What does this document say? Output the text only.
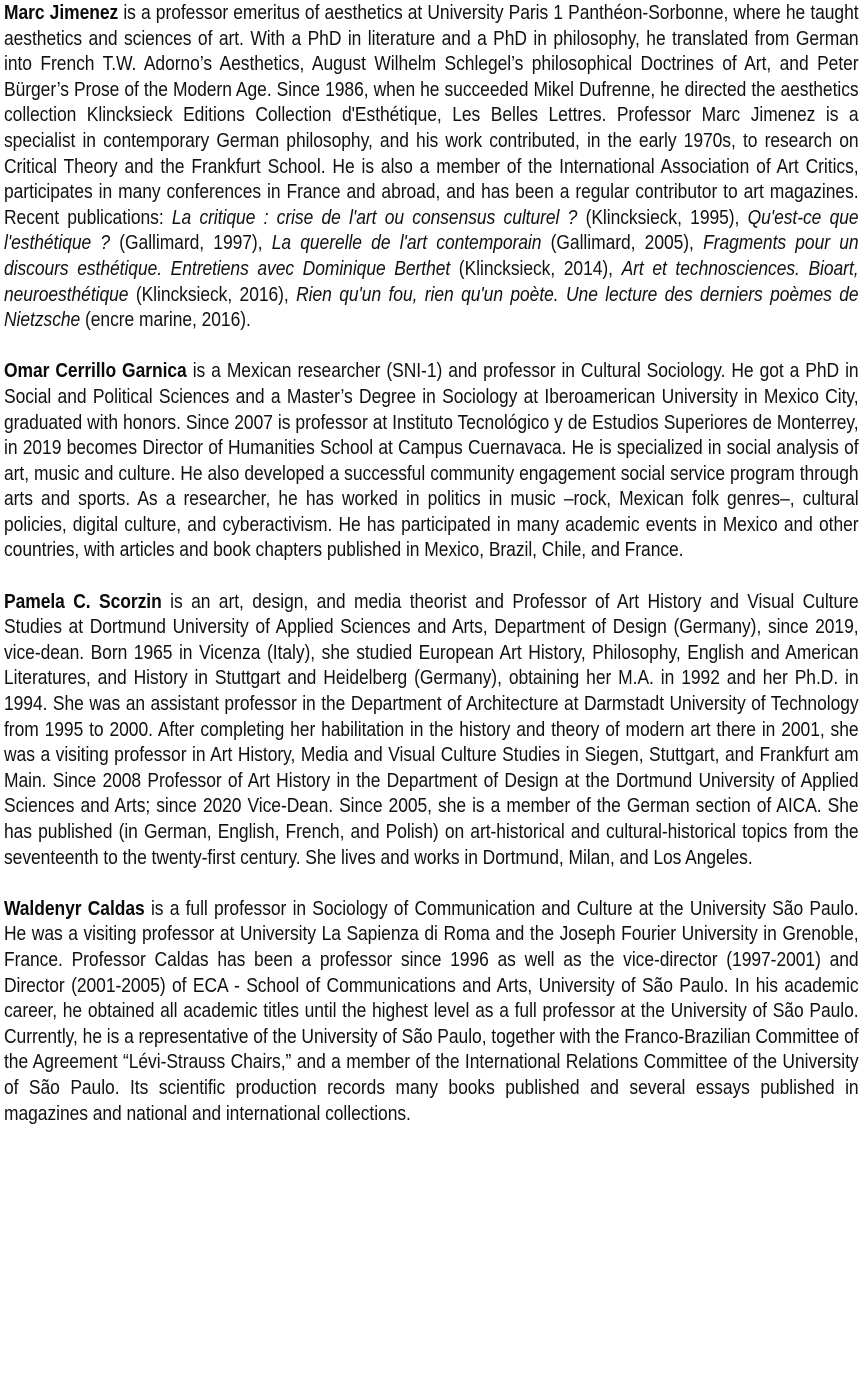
Marc Jimenez is a professor emeritus of aesthetics at University Paris 1 Panthéon-Sorbonne, where he taught aesthetics and sciences of art. With a PhD in literature and a PhD in philosophy, he translated from German into French T.W. Adorno’s Aesthetics, August Wilhelm Schlegel’s philosophical Doctrines of Art, and Peter Bürger’s Prose of the Modern Age. Since 1986, when he succeeded Mikel Dufrenne, he directed the aesthetics collection Klincksieck Editions Collection d'Esthétique, Les Belles Lettres. Professor Marc Jimenez is a specialist in contemporary German philosophy, and his work contributed, in the early 1970s, to research on Critical Theory and the Frankfurt School. He is also a member of the International Association of Art Critics, participates in many conferences in France and abroad, and has been a regular contributor to art magazines. Recent publications: La critique : crise de l'art ou consensus culturel ? (Klincksieck, 1995), Qu'est-ce que l'esthétique ? (Gallimard, 1997), La querelle de l'art contemporain (Gallimard, 2005), Fragments pour un discours esthétique. Entretiens avec Dominique Berthet (Klincksieck, 2014), Art et technosciences. Bioart, neuroesthétique (Klincksieck, 2016), Rien qu'un fou, rien qu'un poète. Une lecture des derniers poèmes de Nietzsche (encre marine, 2016).

Omar Cerrillo Garnica is a Mexican researcher (SNI-1) and professor in Cultural Sociology. He got a PhD in Social and Political Sciences and a Master’s Degree in Sociology at Iberoamerican University in Mexico City, graduated with honors. Since 2007 is professor at Instituto Tecnológico y de Estudios Superiores de Monterrey, in 2019 becomes Director of Humanities School at Campus Cuernavaca. He is specialized in social analysis of art, music and culture. He also developed a successful community engagement social service program through arts and sports. As a researcher, he has worked in politics in music –rock, Mexican folk genres–, cultural policies, digital culture, and cyberactivism. He has participated in many academic events in Mexico and other countries, with articles and book chapters published in Mexico, Brazil, Chile, and France.

Pamela C. Scorzin is an art, design, and media theorist and Professor of Art History and Visual Culture Studies at Dortmund University of Applied Sciences and Arts, Department of Design (Germany), since 2019, vice-dean. Born 1965 in Vicenza (Italy), she studied European Art History, Philosophy, English and American Literatures, and History in Stuttgart and Heidelberg (Germany), obtaining her M.A. in 1992 and her Ph.D. in 1994. She was an assistant professor in the Department of Architecture at Darmstadt University of Technology from 1995 to 2000. After completing her habilitation in the history and theory of modern art there in 2001, she was a visiting professor in Art History, Media and Visual Culture Studies in Siegen, Stuttgart, and Frankfurt am Main. Since 2008 Professor of Art History in the Department of Design at the Dortmund University of Applied Sciences and Arts; since 2020 Vice-Dean. Since 2005, she is a member of the German section of AICA. She has published (in German, English, French, and Polish) on art-historical and cultural-historical topics from the seventeenth to the twenty-first century. She lives and works in Dortmund, Milan, and Los Angeles.

Waldenyr Caldas is a full professor in Sociology of Communication and Culture at the University São Paulo. He was a visiting professor at University La Sapienza di Roma and the Joseph Fourier University in Grenoble, France. Professor Caldas has been a professor since 1996 as well as the vice-director (1997-2001) and Director (2001-2005) of ECA - School of Communications and Arts, University of São Paulo. In his academic career, he obtained all academic titles until the highest level as a full professor at the University of São Paulo. Currently, he is a representative of the University of São Paulo, together with the Franco-Brazilian Committee of the Agreement “Lévi-Strauss Chairs,” and a member of the International Relations Committee of the University of São Paulo. Its scientific production records many books published and several essays published in magazines and national and international collections.
